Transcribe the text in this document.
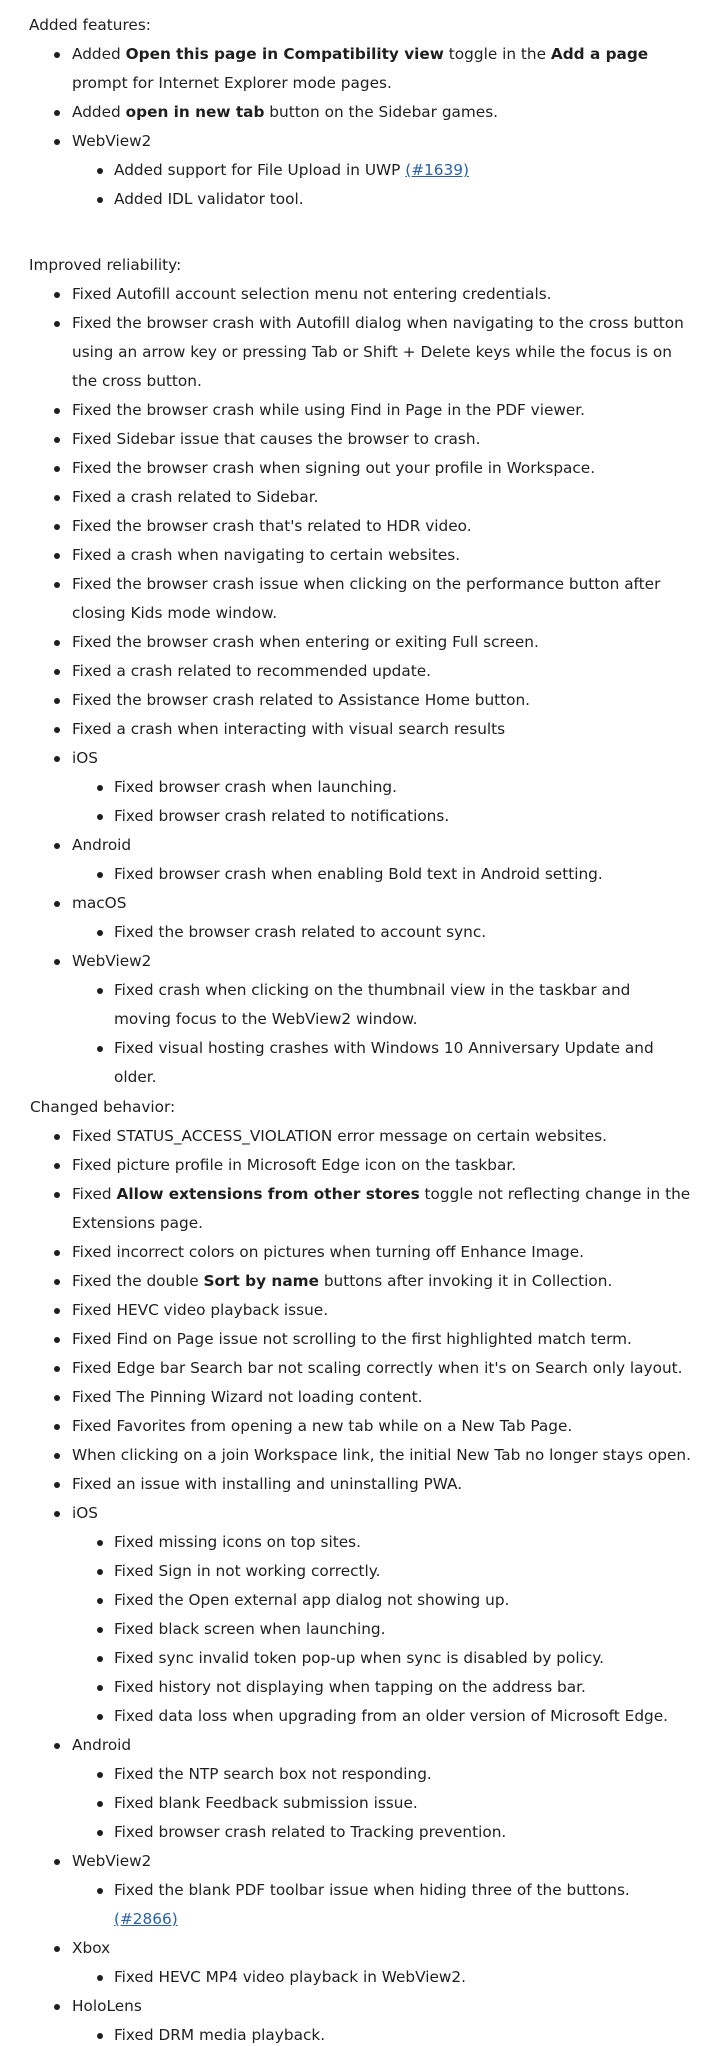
Added features:
Added Open this page in Compatibility view toggle in the Add a page prompt for Internet Explorer mode pages.
Added open in new tab button on the Sidebar games.
WebView2
Added support for File Upload in UWP (#1639)
Added IDL validator tool.
Improved reliability:
Fixed Autofill account selection menu not entering credentials.
Fixed the browser crash with Autofill dialog when navigating to the cross button using an arrow key or pressing Tab or Shift + Delete keys while the focus is on the cross button.
Fixed the browser crash while using Find in Page in the PDF viewer.
Fixed Sidebar issue that causes the browser to crash.
Fixed the browser crash when signing out your profile in Workspace.
Fixed a crash related to Sidebar.
Fixed the browser crash that's related to HDR video.
Fixed a crash when navigating to certain websites.
Fixed the browser crash issue when clicking on the performance button after closing Kids mode window.
Fixed the browser crash when entering or exiting Full screen.
Fixed a crash related to recommended update.
Fixed the browser crash related to Assistance Home button.
Fixed a crash when interacting with visual search results
iOS
Fixed browser crash when launching.
Fixed browser crash related to notifications.
Android
Fixed browser crash when enabling Bold text in Android setting.
macOS
Fixed the browser crash related to account sync.
WebView2
Fixed crash when clicking on the thumbnail view in the taskbar and moving focus to the WebView2 window.
Fixed visual hosting crashes with Windows 10 Anniversary Update and older.
Changed behavior:
Fixed STATUS_ACCESS_VIOLATION error message on certain websites.
Fixed picture profile in Microsoft Edge icon on the taskbar.
Fixed Allow extensions from other stores toggle not reflecting change in the Extensions page.
Fixed incorrect colors on pictures when turning off Enhance Image.
Fixed the double Sort by name buttons after invoking it in Collection.
Fixed HEVC video playback issue.
Fixed Find on Page issue not scrolling to the first highlighted match term.
Fixed Edge bar Search bar not scaling correctly when it's on Search only layout.
Fixed The Pinning Wizard not loading content.
Fixed Favorites from opening a new tab while on a New Tab Page.
When clicking on a join Workspace link, the initial New Tab no longer stays open.
Fixed an issue with installing and uninstalling PWA.
iOS
Fixed missing icons on top sites.
Fixed Sign in not working correctly.
Fixed the Open external app dialog not showing up.
Fixed black screen when launching.
Fixed sync invalid token pop-up when sync is disabled by policy.
Fixed history not displaying when tapping on the address bar.
Fixed data loss when upgrading from an older version of Microsoft Edge.
Android
Fixed the NTP search box not responding.
Fixed blank Feedback submission issue.
Fixed browser crash related to Tracking prevention.
WebView2
Fixed the blank PDF toolbar issue when hiding three of the buttons. (#2866)
Xbox
Fixed HEVC MP4 video playback in WebView2.
HoloLens
Fixed DRM media playback.
